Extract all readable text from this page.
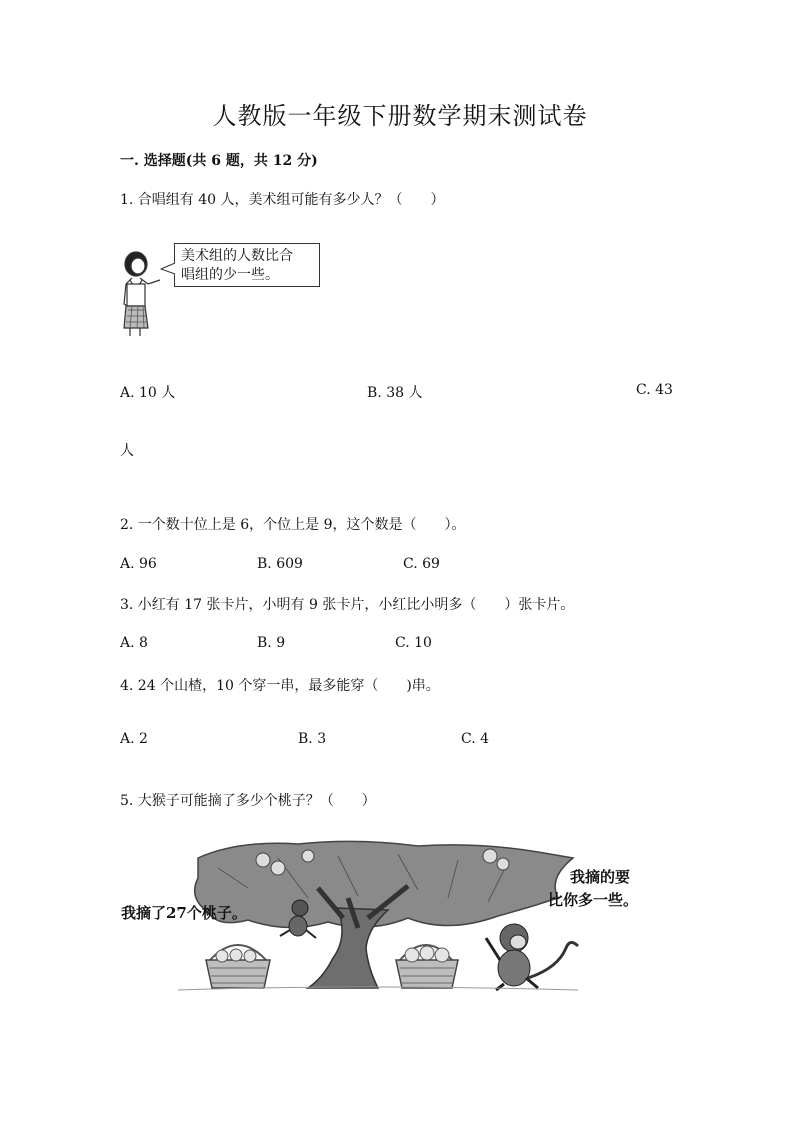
人教版一年级下册数学期末测试卷
一. 选择题(共 6 题，共 12 分)
1. 合唱组有 40 人，美术组可能有多少人？（　　）
美术组的人数比合
唱组的少一些。
A. 10 人	B. 38 人	C. 43
人
2. 一个数十位上是 6，个位上是 9，这个数是（　　）。
A. 96	B. 609	C. 69
3. 小红有 17 张卡片，小明有 9 张卡片，小红比小明多（　　）张卡片。
A. 8	B. 9	C. 10
4. 24 个山楂，10 个穿一串，最多能穿（　　)串。
A. 2	B. 3	C. 4
5. 大猴子可能摘了多少个桃子？（　　）
我摘了27个桃子。
我摘的要
比你多一些。
